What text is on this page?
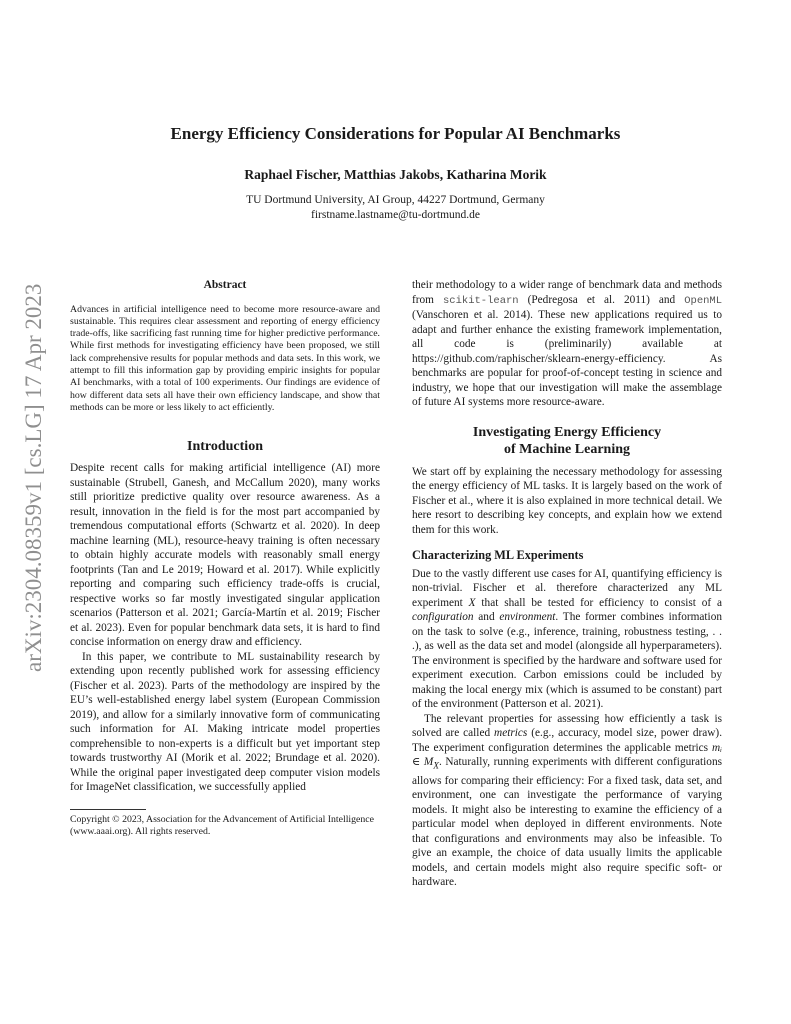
arXiv:2304.08359v1 [cs.LG] 17 Apr 2023
Energy Efficiency Considerations for Popular AI Benchmarks
Raphael Fischer, Matthias Jakobs, Katharina Morik
TU Dortmund University, AI Group, 44227 Dortmund, Germany
firstname.lastname@tu-dortmund.de
Abstract

Advances in artificial intelligence need to become more resource-aware and sustainable. This requires clear assessment and reporting of energy efficiency trade-offs, like sacrificing fast running time for higher predictive performance. While first methods for investigating efficiency have been proposed, we still lack comprehensive results for popular methods and data sets. In this work, we attempt to fill this information gap by providing empiric insights for popular AI benchmarks, with a total of 100 experiments. Our findings are evidence of how different data sets all have their own efficiency landscape, and show that methods can be more or less likely to act efficiently.

Introduction

Despite recent calls for making artificial intelligence (AI) more sustainable (Strubell, Ganesh, and McCallum 2020), many works still prioritize predictive quality over resource awareness. As a result, innovation in the field is for the most part accompanied by tremendous computational efforts (Schwartz et al. 2020). In deep machine learning (ML), resource-heavy training is often necessary to obtain highly accurate models with reasonably small energy footprints (Tan and Le 2019; Howard et al. 2017). While explicitly reporting and comparing such efficiency trade-offs is crucial, respective works so far mostly investigated singular application scenarios (Patterson et al. 2021; García-Martín et al. 2019; Fischer et al. 2023). Even for popular benchmark data sets, it is hard to find concise information on energy draw and efficiency.

In this paper, we contribute to ML sustainability research by extending upon recently published work for assessing efficiency (Fischer et al. 2023). Parts of the methodology are inspired by the EU’s well-established energy label system (European Commission 2019), and allow for a similarly innovative form of communicating such information for AI. Making intricate model properties comprehensible to non-experts is a difficult but yet important step towards trustworthy AI (Morik et al. 2022; Brundage et al. 2020). While the original paper investigated deep computer vision models for ImageNet classification, we successfully applied

Copyright © 2023, Association for the Advancement of Artificial Intelligence (www.aaai.org). All rights reserved.

their methodology to a wider range of benchmark data and methods from scikit-learn (Pedregosa et al. 2011) and OpenML (Vanschoren et al. 2014). These new applications required us to adapt and further enhance the existing framework implementation, all code is (preliminarily) available at https://github.com/raphischer/sklearn-energy-efficiency. As benchmarks are popular for proof-of-concept testing in science and industry, we hope that our investigation will make the assemblage of future AI systems more resource-aware.

Investigating Energy Efficiency
of Machine Learning

We start off by explaining the necessary methodology for assessing the energy efficiency of ML tasks. It is largely based on the work of Fischer et al., where it is also explained in more technical detail. We here resort to describing key concepts, and explain how we extend them for this work.

Characterizing ML Experiments

Due to the vastly different use cases for AI, quantifying efficiency is non-trivial. Fischer et al. therefore characterized any ML experiment X that shall be tested for efficiency to consist of a configuration and environment. The former combines information on the task to solve (e.g., inference, training, robustness testing, . . .), as well as the data set and model (alongside all hyperparameters). The environment is specified by the hardware and software used for experiment execution. Carbon emissions could be included by making the local energy mix (which is assumed to be constant) part of the environment (Patterson et al. 2021).

The relevant properties for assessing how efficiently a task is solved are called metrics (e.g., accuracy, model size, power draw). The experiment configuration determines the applicable metrics mᵢ ∈ $M_X$. Naturally, running experiments with different configurations allows for comparing their efficiency: For a fixed task, data set, and environment, one can investigate the performance of varying models. It might also be interesting to examine the efficiency of a particular model when deployed in different environments. Note that configurations and environments may also be infeasible. To give an example, the choice of data usually limits the applicable models, and certain models might also require specific soft- or hardware.
